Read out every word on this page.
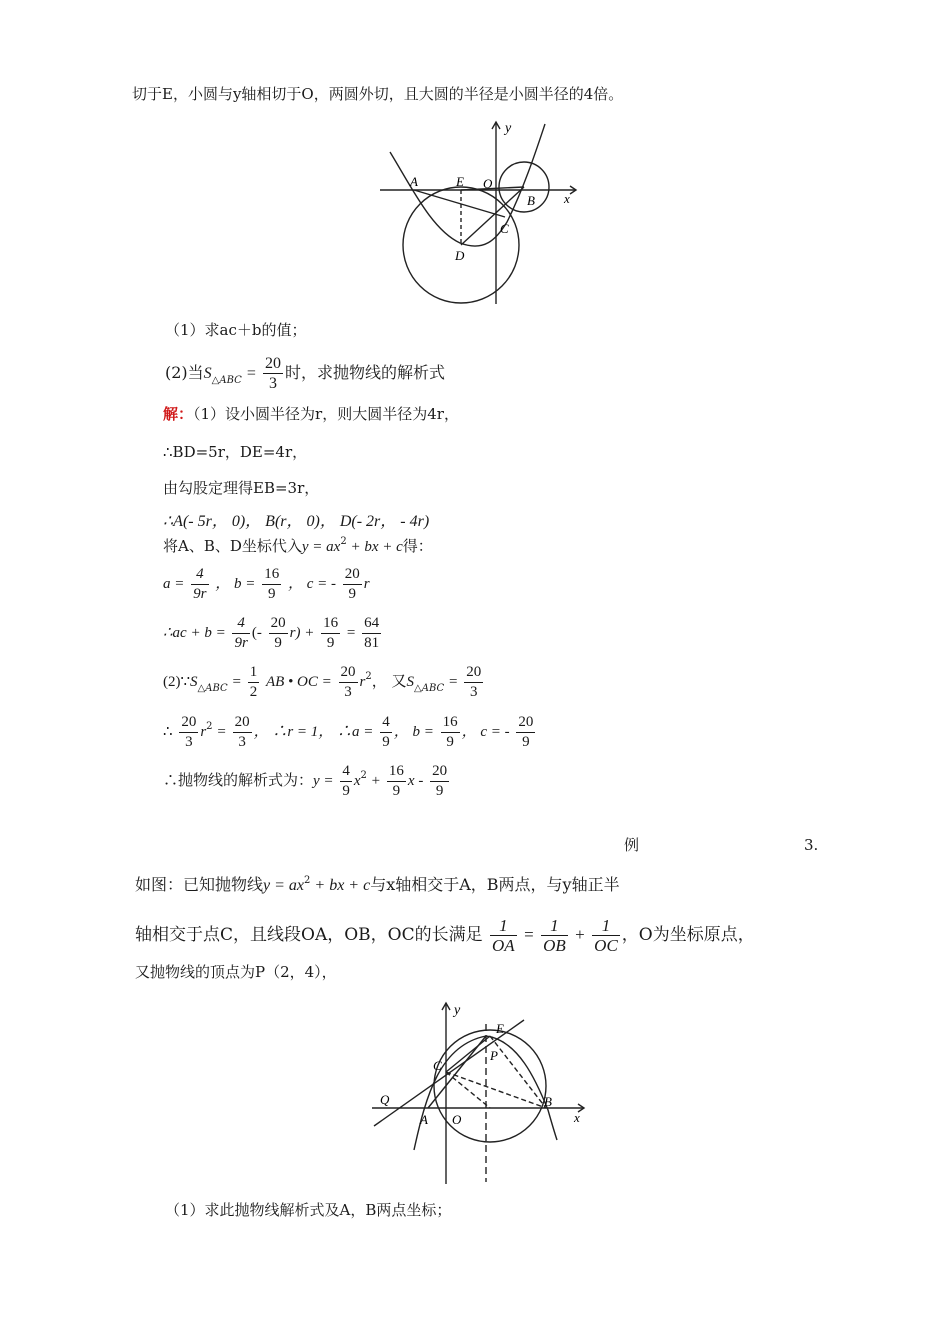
切于E，小圆与y轴相切于O，两圆外切，且大圆的半径是小圆半径的4倍。
y
x
A	E O
B
C
D
（1）求ac＋b的值；
(2)当$S_{\triangle ABC} = \frac{20}{3}$ 时，求抛物线的解析式
解：（1）设小圆半径为r，则大圆半径为4r，
∴BD=5r，DE=4r，
由勾股定理得EB=3r，
∴A(- 5r， 0)， B(r， 0)， D(- 2r， - 4r)
将A、B、D坐标代入$y = ax^2$ + bx + c得：
$a = \frac{4}{9r}$ ， $b = \frac{16}{9}$ ， c = - $\frac{20}{9}$ r
∴ac + $b = \frac{4}{9r}$ (- $\frac{20}{9} r) + \frac{16}{9} = \frac{64}{81}$
$(2)\because S_{\triangle ABC} = \frac{1}{2}$ AB • OC = $\frac{20}{3} r^2$， 又$S_{\triangle ABC} = \frac{20}{3}$
∴ $\frac{20}{3} r^2 = \frac{20}{3}$ ， ∴r = 1， ∴a = $\frac{4}{9}$ ， $b = \frac{16}{9}$ ， c = - $\frac{20}{9}$
∴抛物线的解析式为：$y = \frac{4}{9} x^2 + \frac{16}{9}$ x - $\frac{20}{9}$
例	3.
如图：已知抛物线$y = ax^2$ + bx + c与x轴相交于A，B两点，与y轴正半
轴相交于点C，且线段OA，OB，OC的长满足 $\frac{1}{OA} = \frac{1}{OB} + \frac{1}{OC}$ ，O为坐标原点，
又抛物线的顶点为P（2，4），
y
x
E
P
C
Q
A O
B
（1）求此抛物线解析式及A，B两点坐标；
